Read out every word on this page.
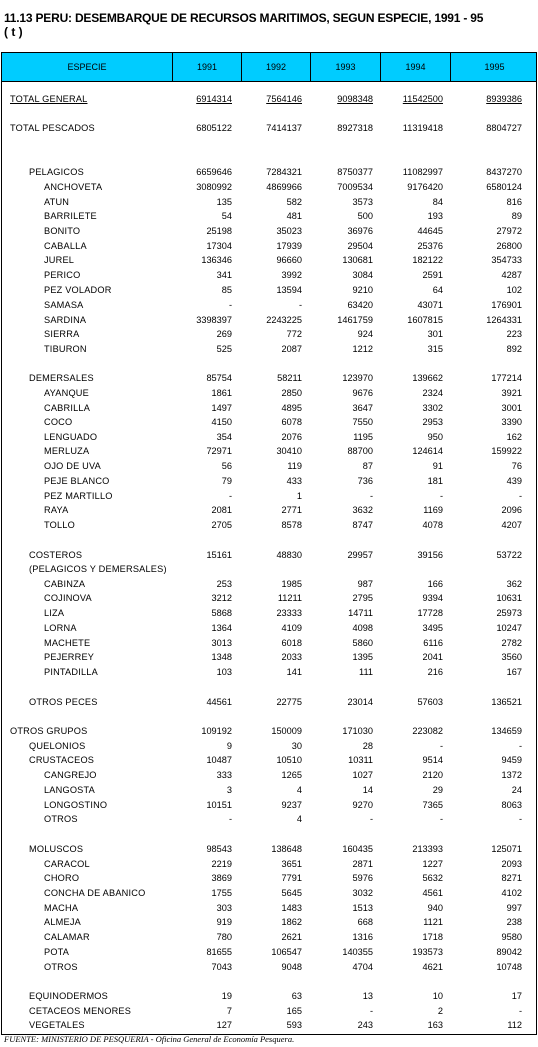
11.13 PERU: DESEMBARQUE DE RECURSOS MARITIMOS, SEGUN ESPECIE, 1991 - 95
( t )
ESPECIE	1991	1992	1993	1994	1995
TOTAL GENERAL	6914314	7564146	9098348	11542500	8939386
TOTAL PESCADOS	6805122	7414137	8927318	11319418	8804727
PELAGICOS	6659646	7284321	8750377	11082997	8437270
ANCHOVETA	3080992	4869966	7009534	9176420	6580124
ATUN	135	582	3573	84	816
BARRILETE	54	481	500	193	89
BONITO	25198	35023	36976	44645	27972
CABALLA	17304	17939	29504	25376	26800
JUREL	136346	96660	130681	182122	354733
PERICO	341	3992	3084	2591	4287
PEZ VOLADOR	85	13594	9210	64	102
SAMASA	-	-	63420	43071	176901
SARDINA	3398397	2243225	1461759	1607815	1264331
SIERRA	269	772	924	301	223
TIBURON	525	2087	1212	315	892
DEMERSALES	85754	58211	123970	139662	177214
AYANQUE	1861	2850	9676	2324	3921
CABRILLA	1497	4895	3647	3302	3001
COCO	4150	6078	7550	2953	3390
LENGUADO	354	2076	1195	950	162
MERLUZA	72971	30410	88700	124614	159922
OJO DE UVA	56	119	87	91	76
PEJE BLANCO	79	433	736	181	439
PEZ MARTILLO	-	1	-	-	-
RAYA	2081	2771	3632	1169	2096
TOLLO	2705	8578	8747	4078	4207
COSTEROS	15161	48830	29957	39156	53722
(PELAGICOS Y DEMERSALES)
CABINZA	253	1985	987	166	362
COJINOVA	3212	11211	2795	9394	10631
LIZA	5868	23333	14711	17728	25973
LORNA	1364	4109	4098	3495	10247
MACHETE	3013	6018	5860	6116	2782
PEJERREY	1348	2033	1395	2041	3560
PINTADILLA	103	141	111	216	167
OTROS PECES	44561	22775	23014	57603	136521
OTROS GRUPOS	109192	150009	171030	223082	134659
QUELONIOS	9	30	28	-	-
CRUSTACEOS	10487	10510	10311	9514	9459
CANGREJO	333	1265	1027	2120	1372
LANGOSTA	3	4	14	29	24
LONGOSTINO	10151	9237	9270	7365	8063
OTROS	-	4	-	-	-
MOLUSCOS	98543	138648	160435	213393	125071
CARACOL	2219	3651	2871	1227	2093
CHORO	3869	7791	5976	5632	8271
CONCHA DE ABANICO	1755	5645	3032	4561	4102
MACHA	303	1483	1513	940	997
ALMEJA	919	1862	668	1121	238
CALAMAR	780	2621	1316	1718	9580
POTA	81655	106547	140355	193573	89042
OTROS	7043	9048	4704	4621	10748
EQUINODERMOS	19	63	13	10	17
CETACEOS MENORES	7	165	-	2	-
VEGETALES	127	593	243	163	112
FUENTE: MINISTERIO DE PESQUERIA - Oficina General de Economía Pesquera.
